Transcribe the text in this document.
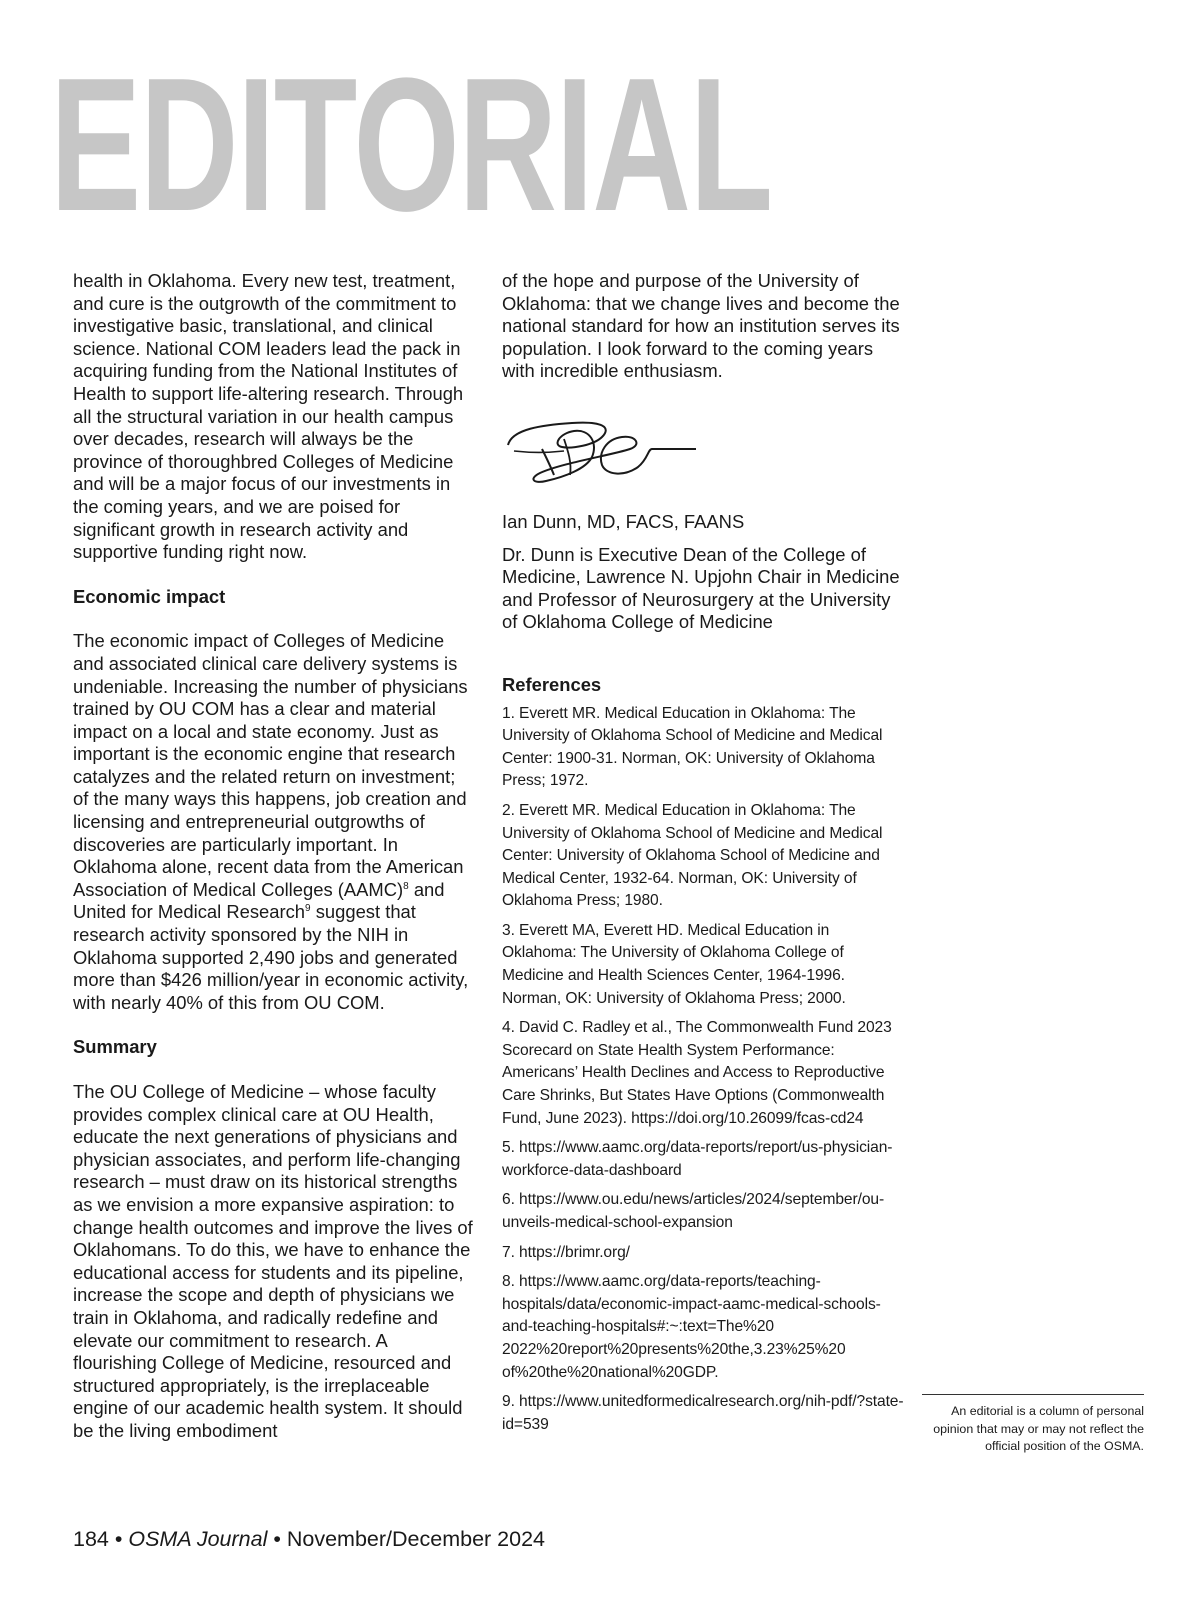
EDITORIAL

health in Oklahoma. Every new test, treatment, and cure is the outgrowth of the commitment to investigative basic, translational, and clinical science. National COM leaders lead the pack in acquiring funding from the National Institutes of Health to support life-altering research. Through all the structural variation in our health campus over decades, research will always be the province of thoroughbred Colleges of Medicine and will be a major focus of our investments in the coming years, and we are poised for significant growth in research activity and supportive funding right now.

Economic impact

The economic impact of Colleges of Medicine and associated clinical care delivery systems is undeniable. Increasing the number of physicians trained by OU COM has a clear and material impact on a local and state economy. Just as important is the economic engine that research catalyzes and the related return on investment; of the many ways this happens, job creation and licensing and entrepreneurial outgrowths of discoveries are particularly important. In Oklahoma alone, recent data from the American Association of Medical Colleges (AAMC)$^8$ and United for Medical Research$^9$ suggest that research activity sponsored by the NIH in Oklahoma supported 2,490 jobs and generated more than $426 million/year in economic activity, with nearly 40% of this from OU COM.

Summary

The OU College of Medicine – whose faculty provides complex clinical care at OU Health, educate the next generations of physicians and physician associates, and perform life-changing research – must draw on its historical strengths as we envision a more expansive aspiration: to change health outcomes and improve the lives of Oklahomans. To do this, we have to enhance the educational access for students and its pipeline, increase the scope and depth of physicians we train in Oklahoma, and radically redefine and elevate our commitment to research. A flourishing College of Medicine, resourced and structured appropriately, is the irreplaceable engine of our academic health system. It should be the living embodiment

of the hope and purpose of the University of Oklahoma: that we change lives and become the national standard for how an institution serves its population. I look forward to the coming years with incredible enthusiasm.

Ian Dunn, MD, FACS, FAANS

Dr. Dunn is Executive Dean of the College of Medicine, Lawrence N. Upjohn Chair in Medicine and Professor of Neurosurgery at the University of Oklahoma College of Medicine

References

1. Everett MR. Medical Education in Oklahoma: The University of Oklahoma School of Medicine and Medical Center: 1900-31. Norman, OK: University of Oklahoma Press; 1972.

2. Everett MR. Medical Education in Oklahoma: The University of Oklahoma School of Medicine and Medical Center: University of Oklahoma School of Medicine and Medical Center, 1932-64. Norman, OK: University of Oklahoma Press; 1980.

3. Everett MA, Everett HD. Medical Education in Oklahoma: The University of Oklahoma College of Medicine and Health Sciences Center, 1964-1996. Norman, OK: University of Oklahoma Press; 2000.

4. David C. Radley et al., The Commonwealth Fund 2023 Scorecard on State Health System Performance: Americans’ Health Declines and Access to Reproductive Care Shrinks, But States Have Options (Commonwealth Fund, June 2023). https://doi.org/10.26099/fcas-cd24

5. https://www.aamc.org/data-reports/report/us-physician-workforce-data-dashboard

6. https://www.ou.edu/news/articles/2024/september/ou-unveils-medical-school-expansion

7. https://brimr.org/

8. https://www.aamc.org/data-reports/teaching-hospitals/data/economic-impact-aamc-medical-schools-and-teaching-hospitals#:~:text=The%20 2022%20report%20presents%20the,3.23%25%20 of%20the%20national%20GDP.

9. https://www.unitedformedicalresearch.org/nih-pdf/?state-id=539

An editorial is a column of personal opinion that may or may not reflect the official position of the OSMA.
184 • OSMA Journal • November/December 2024
